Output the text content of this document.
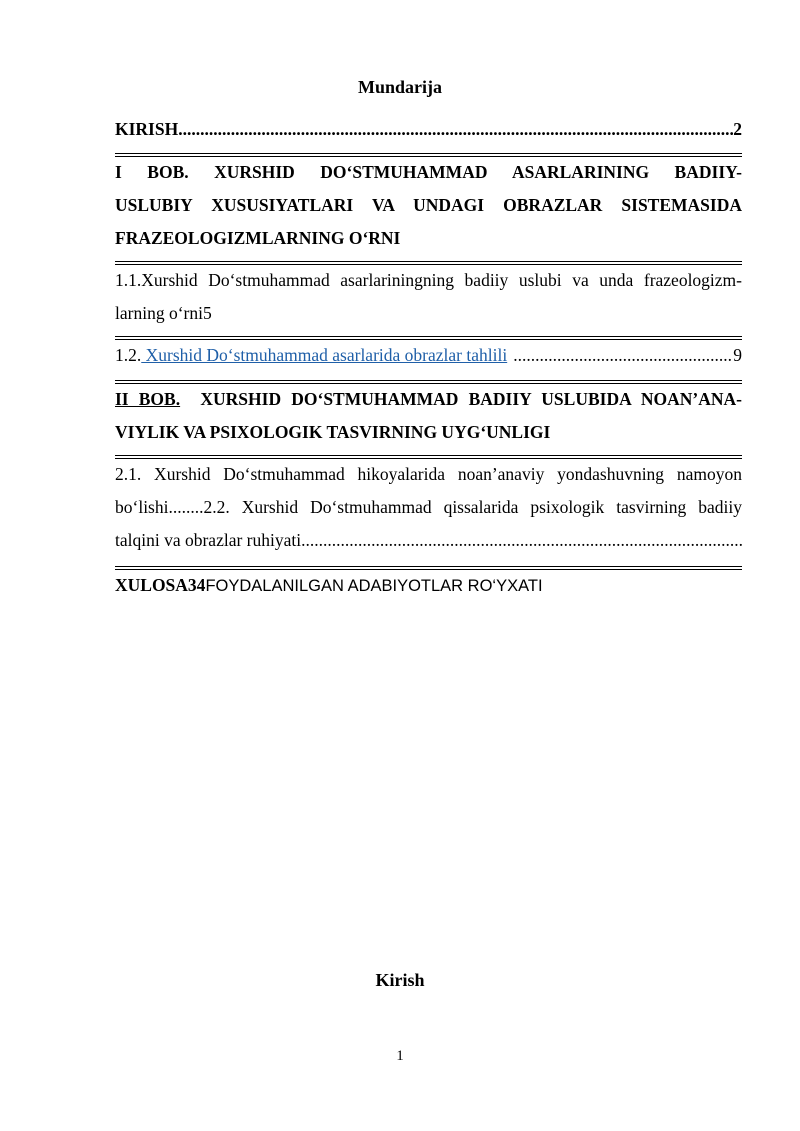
Mundarija
KIRISH .....	2
I BOB. XURSHID DO‘STMUHAMMAD ASARLARINING BADIIY-
USLUBIY XUSUSIYATLARI VA UNDAGI OBRAZLAR SISTEMASIDA
FRAZEOLOGIZMLARNING O‘RNI
1.1.Xurshid Do‘stmuhammad asarlariningning badiiy uslubi va unda frazeologizm-
larning o‘rni5
1.2. Xurshid Do‘stmuhammad asarlarida obrazlar tahlili .....	9
II BOB.  XURSHID DO‘STMUHAMMAD BADIIY USLUBIDA NOAN’ANA-
VIYLIK VA PSIXOLOGIK TASVIRNING UYG‘UNLIGI
2.1. Xurshid Do‘stmuhammad hikoyalarida noan’anaviy yondashuvning namoyon
bo‘lishi........2.2. Xurshid Do‘stmuhammad qissalarida psixologik tasvirning badiiy
talqini va obrazlar ruhiyati
.....
XULOSA34FOYDALANILGAN ADABIYOTLAR RO‘YXATI
Kirish
1
